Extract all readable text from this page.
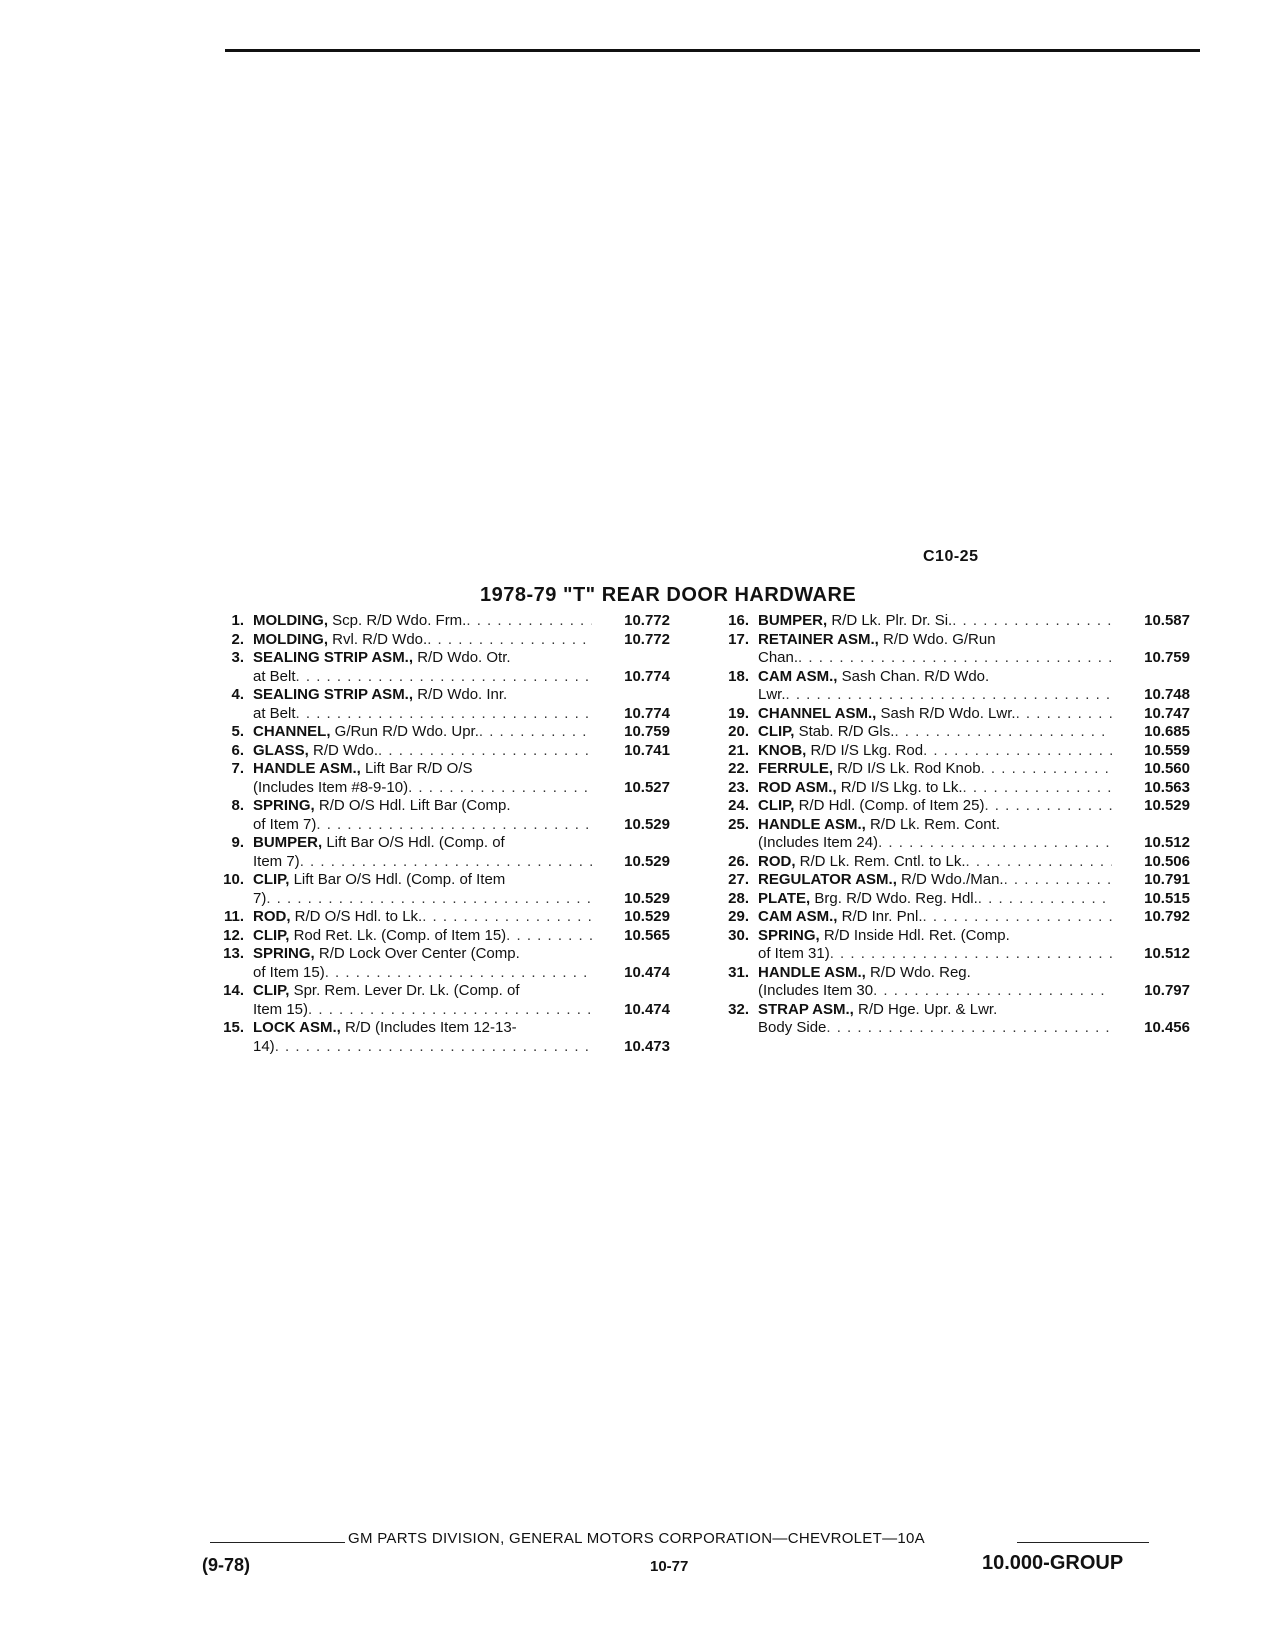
C10-25
1978-79 "T" REAR DOOR HARDWARE
1. MOLDING, Scp. R/D Wdo. Frm. . . .	10.772
2. MOLDING, Rvl. R/D Wdo. . . .	10.772
3. SEALING STRIP ASM., R/D Wdo. Otr.
at Belt . . .	10.774
4. SEALING STRIP ASM., R/D Wdo. Inr.
at Belt . . .	10.774
5. CHANNEL, G/Run R/D Wdo. Upr. . . .	10.759
6. GLASS, R/D Wdo. . . .	10.741
7. HANDLE ASM., Lift Bar R/D O/S
(Includes Item #8-9-10) . . .	10.527
8. SPRING, R/D O/S Hdl. Lift Bar (Comp.
of Item 7) . . .	10.529
9. BUMPER, Lift Bar O/S Hdl. (Comp. of
Item 7) . . .	10.529
10. CLIP, Lift Bar O/S Hdl. (Comp. of Item
7) . . .	10.529
11. ROD, R/D O/S Hdl. to Lk. . . .	10.529
12. CLIP, Rod Ret. Lk. (Comp. of Item 15) . . .	10.565
13. SPRING, R/D Lock Over Center (Comp.
of Item 15) . . .	10.474
14. CLIP, Spr. Rem. Lever Dr. Lk. (Comp. of
Item 15) . . .	10.474
15. LOCK ASM., R/D (Includes Item 12-13-
14) . . .	10.473
16. BUMPER, R/D Lk. Plr. Dr. Si. . . .	10.587
17. RETAINER ASM., R/D Wdo. G/Run
Chan. . . .	10.759
18. CAM ASM., Sash Chan. R/D Wdo.
Lwr. . . .	10.748
19. CHANNEL ASM., Sash R/D Wdo. Lwr. . . .	10.747
20. CLIP, Stab. R/D Gls. . . .	10.685
21. KNOB, R/D I/S Lkg. Rod . . .	10.559
22. FERRULE, R/D I/S Lk. Rod Knob . . .	10.560
23. ROD ASM., R/D I/S Lkg. to Lk. . . .	10.563
24. CLIP, R/D Hdl. (Comp. of Item 25) . . .	10.529
25. HANDLE ASM., R/D Lk. Rem. Cont.
(Includes Item 24) . . .	10.512
26. ROD, R/D Lk. Rem. Cntl. to Lk. . . .	10.506
27. REGULATOR ASM., R/D Wdo./Man. . . .	10.791
28. PLATE, Brg. R/D Wdo. Reg. Hdl. . . .	10.515
29. CAM ASM., R/D Inr. Pnl. . . .	10.792
30. SPRING, R/D Inside Hdl. Ret. (Comp.
of Item 31) . . .	10.512
31. HANDLE ASM., R/D Wdo. Reg.
(Includes Item 30 . . .	10.797
32. STRAP ASM., R/D Hge. Upr. & Lwr.
Body Side . . .	10.456
GM PARTS DIVISION, GENERAL MOTORS CORPORATION—CHEVROLET—10A
(9-78)	10-77	10.000-GROUP
